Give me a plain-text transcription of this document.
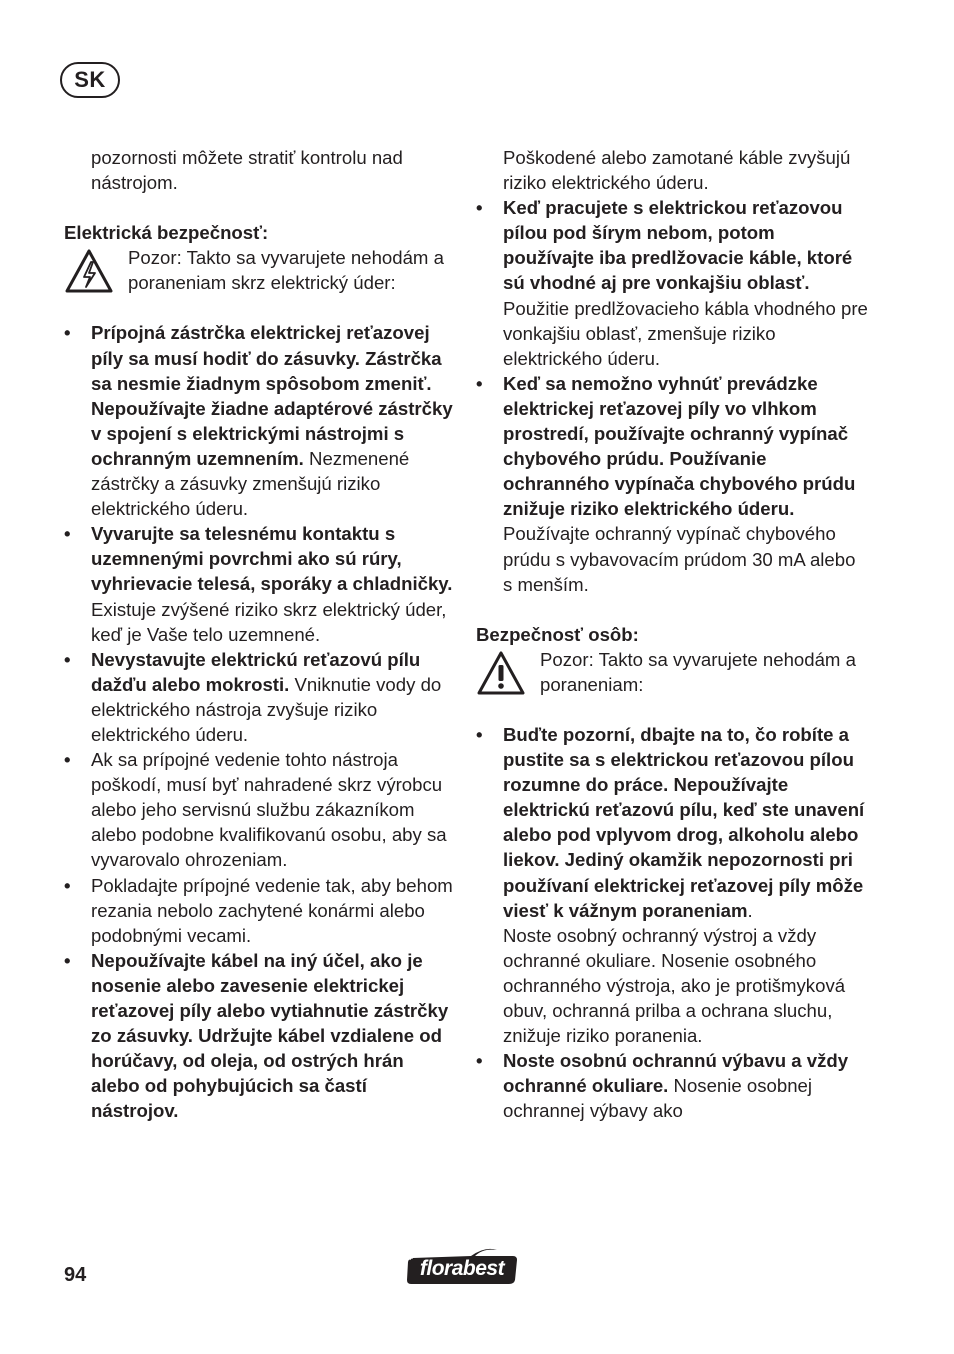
SK

pozornosti môžete stratiť kontrolu nad nástrojom.

Elektrická bezpečnosť:

Pozor: Takto sa vyvarujete nehodám a poraneniam skrz elektrický úder:

• Prípojná zástrčka elektrickej reťazovej píly sa musí hodiť do zásuvky. Zástrčka sa nesmie žiadnym spôsobom zmeniť. Nepoužívajte žiadne adaptérové zástrčky v spojení s elektrickými nástrojmi s ochranným uzemnením. Nezmenené zástrčky a zásuvky zmenšujú riziko elektrického úderu.
• Vyvarujte sa telesnému kontaktu s uzemnenými povrchmi ako sú rúry, vyhrievacie telesá, sporáky a chladničky. Existuje zvýšené riziko skrz elektrický úder, keď je Vaše telo uzemnené.
• Nevystavujte elektrickú reťazovú pílu dažďu alebo mokrosti. Vniknutie vody do elektrického nástroja zvyšuje riziko elektrického úderu.
• Ak sa prípojné vedenie tohto nástroja poškodí, musí byť nahradené skrz výrobcu alebo jeho servisnú službu zákazníkom alebo podobne kvalifikovanú osobu, aby sa vyvarovalo ohrozeniam.
• Pokladajte prípojné vedenie tak, aby behom rezania nebolo zachytené konármi alebo podobnými vecami.
• Nepoužívajte kábel na iný účel, ako je nosenie alebo zavesenie elektrickej reťazovej píly alebo vytiahnutie zástrčky zo zásuvky. Udržujte kábel vzdialene od horúčavy, od oleja, od ostrých hrán alebo od pohybujúcich sa častí nástrojov.

Poškodené alebo zamotané káble zvyšujú riziko elektrického úderu.

• Keď pracujete s elektrickou reťazovou pílou pod šírym nebom, potom používajte iba predlžovacie káble, ktoré sú vhodné aj pre vonkajšiu oblasť. Použitie predlžovacieho kábla vhodného pre vonkajšiu oblasť, zmenšuje riziko elektrického úderu.
• Keď sa nemožno vyhnúť prevádzke elektrickej reťazovej píly vo vlhkom prostredí, používajte ochranný vypínač chybového prúdu. Používanie ochranného vypínača chybového prúdu znižuje riziko elektrického úderu. Používajte ochranný vypínač chybového prúdu s vybavovacím prúdom 30 mA alebo s menším.

Bezpečnosť osôb:

Pozor: Takto sa vyvarujete nehodám a poraneniam:

• Buďte pozorní, dbajte na to, čo robíte a pustite sa s elektrickou reťazovou pílou rozumne do práce. Nepoužívajte elektrickú reťazovú pílu, keď ste unavení alebo pod vplyvom drog, alkoholu alebo liekov. Jediný okamžik nepozornosti pri používaní elektrickej reťazovej píly môže viesť k vážnym poraneniam.

Noste osobný ochranný výstroj a vždy ochranné okuliare. Nosenie osobného ochranného výstroja, ako je protišmyková obuv, ochranná prilba a ochrana sluchu, znižuje riziko poranenia.

• Noste osobnú ochrannú výbavu a vždy ochranné okuliare. Nosenie osobnej ochrannej výbavy ako
94	florabest
